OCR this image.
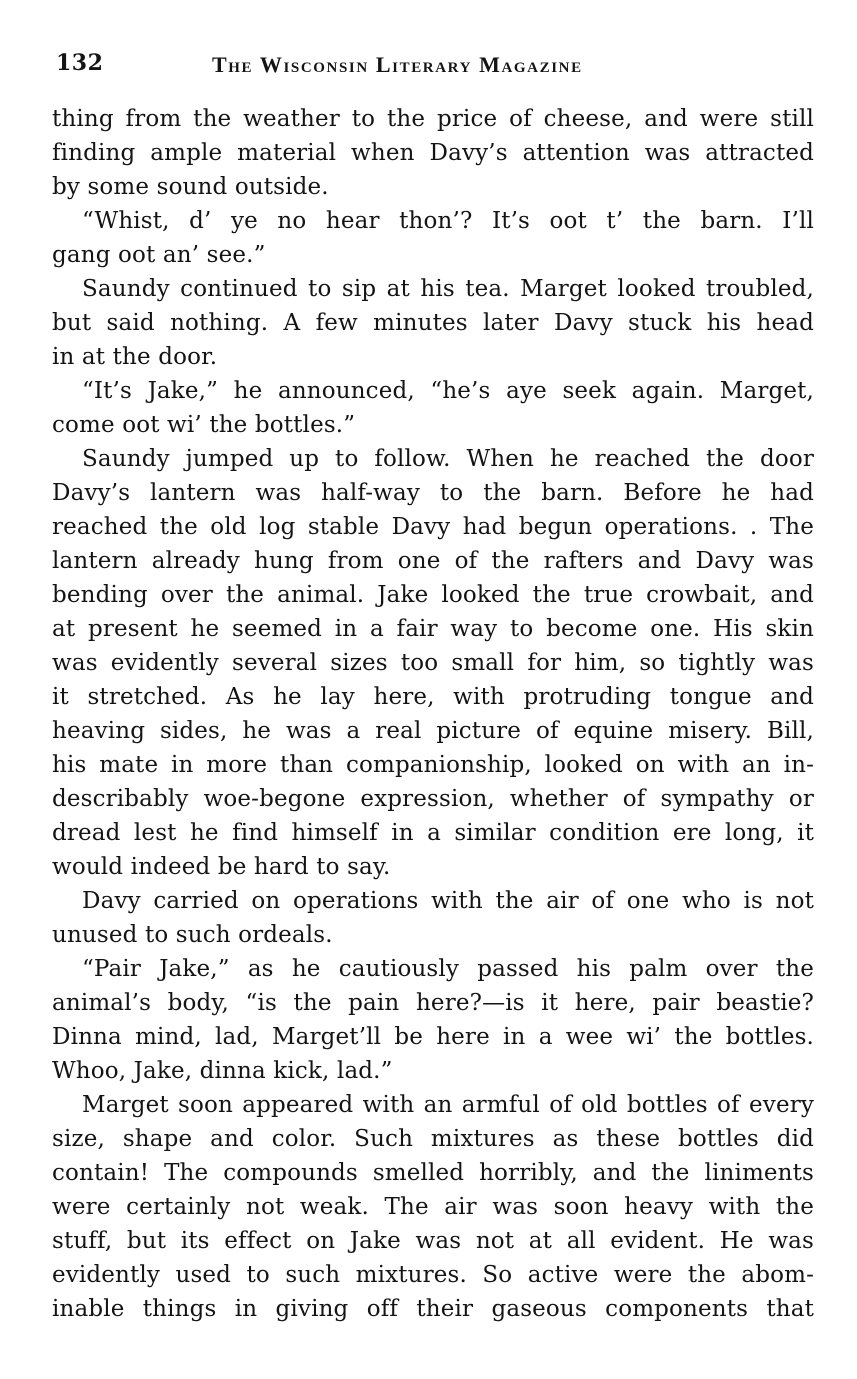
132	The Wisconsin Literary Magazine
thing from the weather to the price of cheese, and were still
finding ample material when Davy’s attention was attracted
by some sound outside.
“Whist, d’ ye no hear thon’? It’s oot t’ the barn. I’ll
gang oot an’ see.”
Saundy continued to sip at his tea. Marget looked troubled,
but said nothing. A few minutes later Davy stuck his head
in at the door.
“It’s Jake,” he announced, “he’s aye seek again. Marget,
come oot wi’ the bottles.”
Saundy jumped up to follow. When he reached the door
Davy’s lantern was half-way to the barn. Before he had
reached the old log stable Davy had begun operations. . The
lantern already hung from one of the rafters and Davy was
bending over the animal. Jake looked the true crowbait, and
at present he seemed in a fair way to become one. His skin
was evidently several sizes too small for him, so tightly was
it stretched. As he lay here, with protruding tongue and
heaving sides, he was a real picture of equine misery. Bill,
his mate in more than companionship, looked on with an in-
describably woe-begone expression, whether of sympathy or
dread lest he find himself in a similar condition ere long, it
would indeed be hard to say.
Davy carried on operations with the air of one who is not
unused to such ordeals.
“Pair Jake,” as he cautiously passed his palm over the
animal’s body, “is the pain here?—is it here, pair beastie?
Dinna mind, lad, Marget’ll be here in a wee wi’ the bottles.
Whoo, Jake, dinna kick, lad.”
Marget soon appeared with an armful of old bottles of every
size, shape and color. Such mixtures as these bottles did
contain! The compounds smelled horribly, and the liniments
were certainly not weak. The air was soon heavy with the
stuff, but its effect on Jake was not at all evident. He was
evidently used to such mixtures. So active were the abom-
inable things in giving off their gaseous components that
